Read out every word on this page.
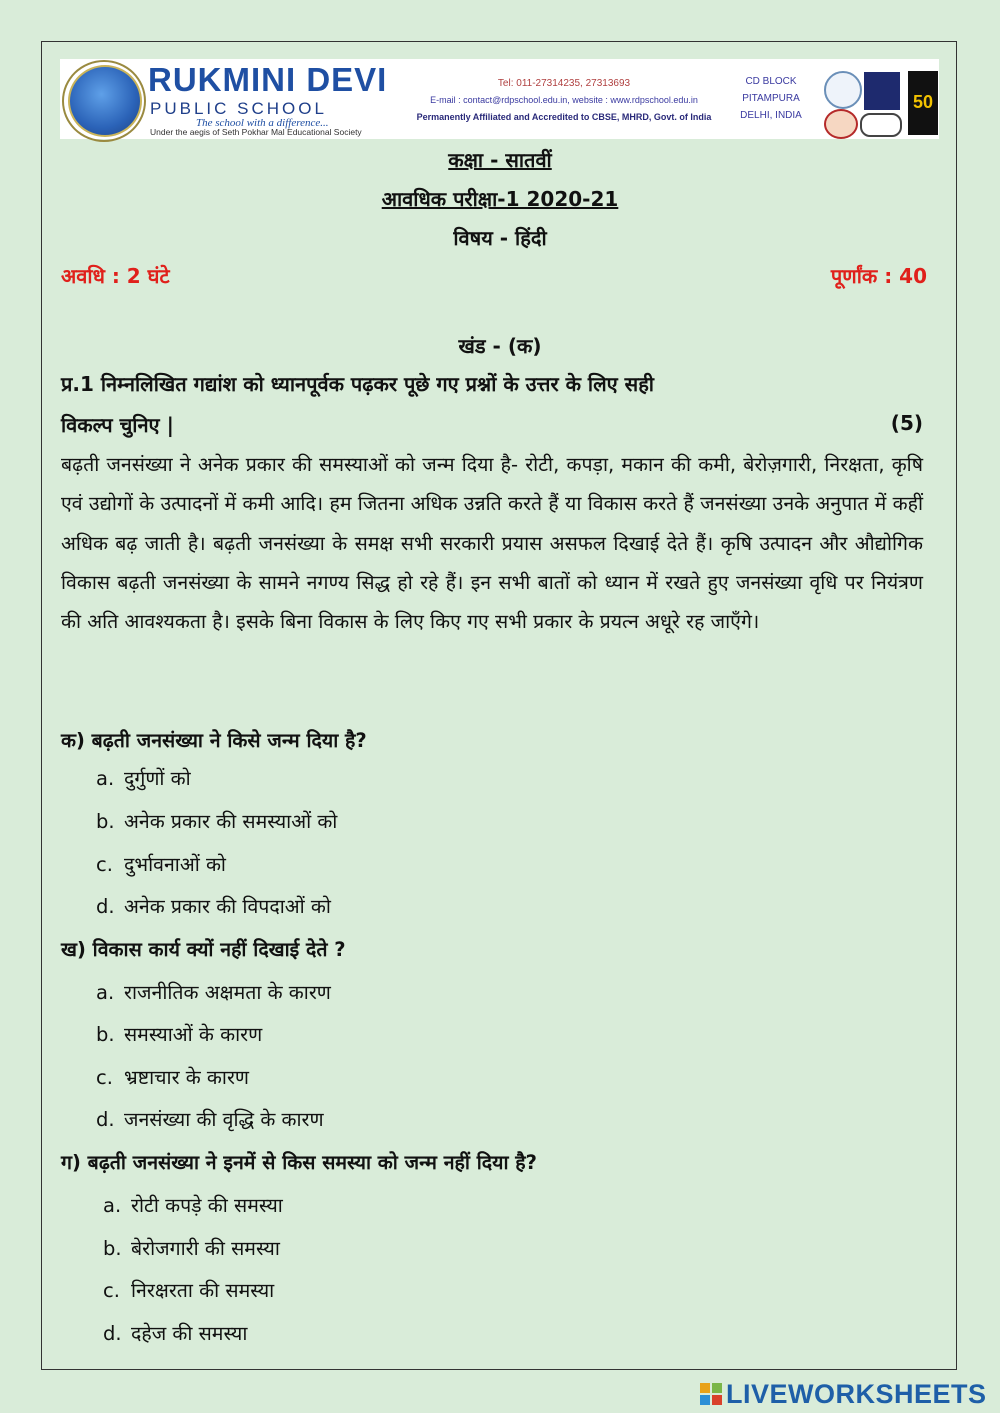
RUKMINI DEVI
PUBLIC SCHOOL
The school with a difference...
Under the aegis of Seth Pokhar Mal Educational Society
Tel: 011-27314235, 27313693
E-mail : contact@rdpschool.edu.in, website : www.rdpschool.edu.in
Permanently Affiliated and Accredited to CBSE, MHRD, Govt. of India
CD BLOCK
PITAMPURA
DELHI, INDIA
50
कक्षा - सातवीं
आवधिक परीक्षा-1 2020-21
विषय - हिंदी
अवधि : 2 घंटे	पूर्णांक : 40
खंड - (क)
प्र.1 निम्नलिखित गद्यांश को ध्यानपूर्वक पढ़कर पूछे गए प्रश्नों के उत्तर के लिए सही
विकल्प चुनिए |	(5)

बढ़ती जनसंख्या ने अनेक प्रकार की समस्याओं को जन्म दिया है- रोटी, कपड़ा, मकान की कमी, बेरोज़गारी, निरक्षता, कृषि एवं उद्योगों के उत्पादनों में कमी आदि। हम जितना अधिक उन्नति करते हैं या विकास करते हैं जनसंख्या उनके अनुपात में कहीं अधिक बढ़ जाती है। बढ़ती जनसंख्या के समक्ष सभी सरकारी प्रयास असफल दिखाई देते हैं। कृषि उत्पादन और औद्योगिक विकास बढ़ती जनसंख्या के सामने नगण्य सिद्ध हो रहे हैं। इन सभी बातों को ध्यान में रखते हुए जनसंख्या वृधि पर नियंत्रण की अति आवश्यकता है। इसके बिना विकास के लिए किए गए सभी प्रकार के प्रयत्न अधूरे रह जाएँगे।

क) बढ़ती जनसंख्या ने किसे जन्म दिया है?
a. दुर्गुणों को
b. अनेक प्रकार की समस्याओं को
c. दुर्भावनाओं को
d. अनेक प्रकार की विपदाओं को
ख) विकास कार्य क्यों नहीं दिखाई देते ?
a. राजनीतिक अक्षमता के कारण
b. समस्याओं के कारण
c. भ्रष्टाचार के कारण
d. जनसंख्या की वृद्धि के कारण
ग) बढ़ती जनसंख्या ने इनमें से किस समस्या को जन्म नहीं दिया है?
a. रोटी कपड़े की समस्या
b. बेरोजगारी की समस्या
c. निरक्षरता की समस्या
d. दहेज की समस्या
LIVEWORKSHEETS
